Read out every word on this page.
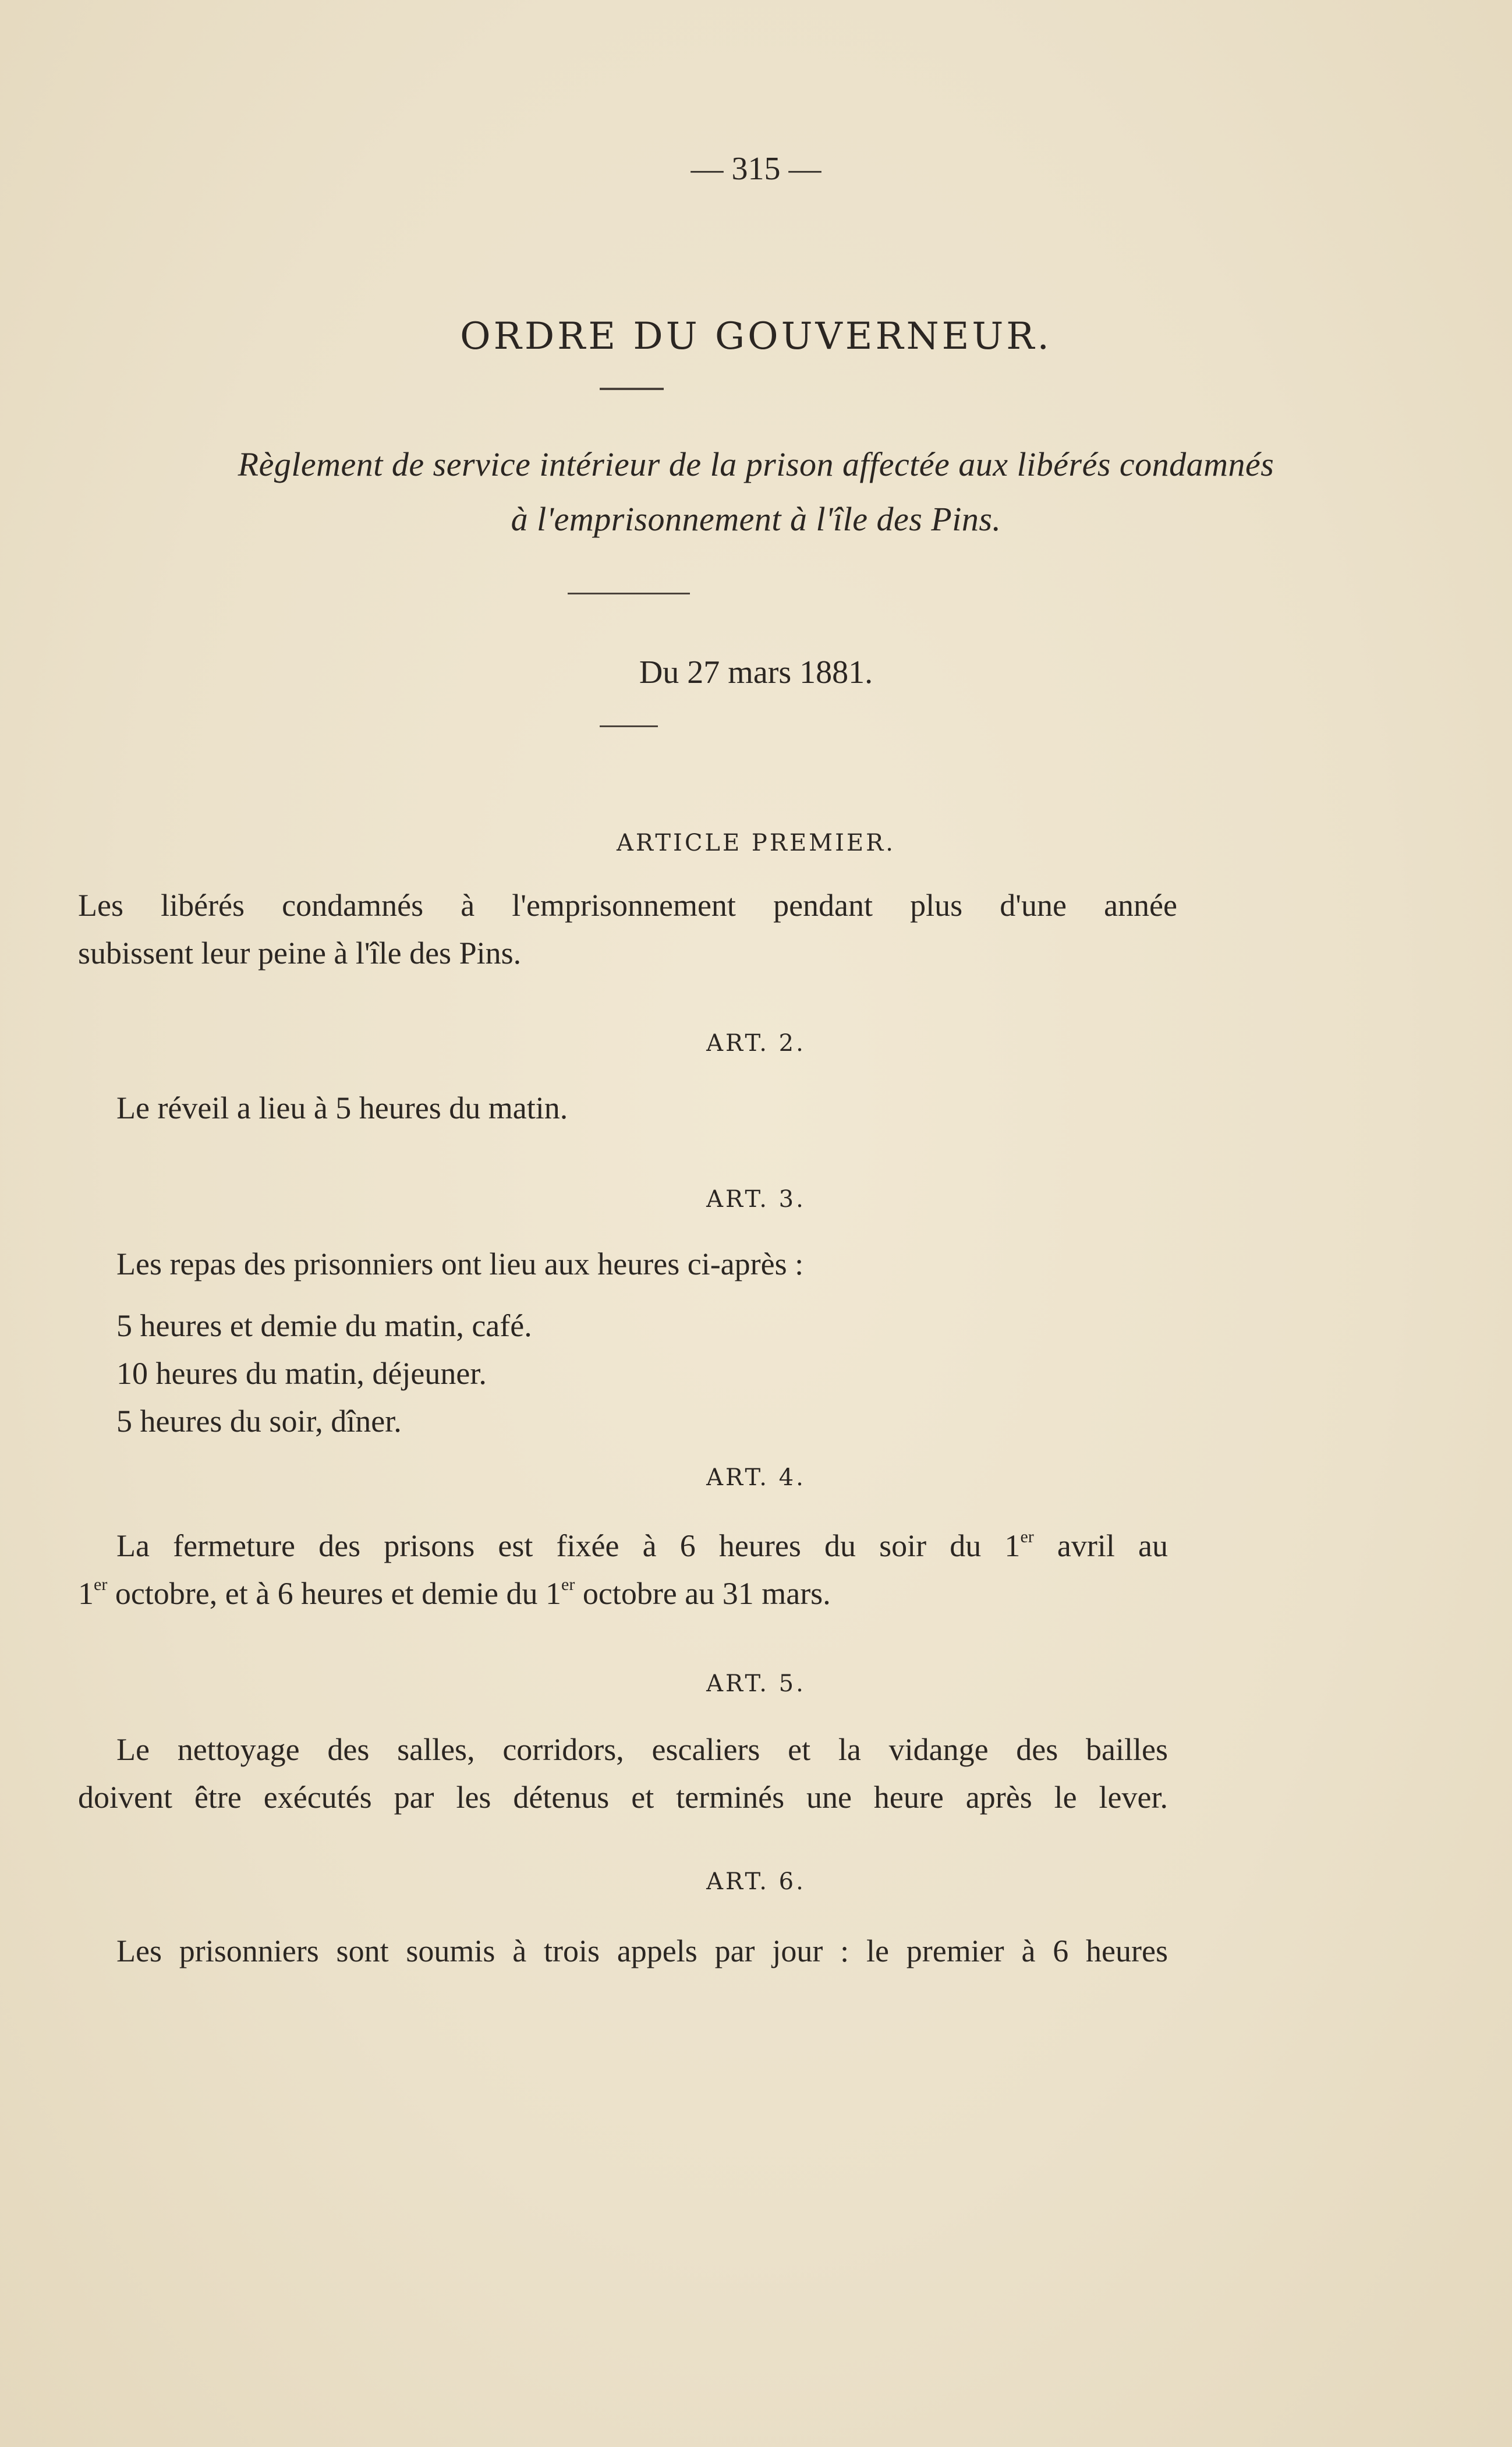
— 315 —
ORDRE DU GOUVERNEUR.
Règlement de service intérieur de la prison affectée aux libérés condamnés
à l'emprisonnement à l'île des Pins.
Du 27 mars 1881.
ARTICLE PREMIER.
Les libérés condamnés à l'emprisonnement pendant plus d'une année
subissent leur peine à l'île des Pins.
ART. 2.
Le réveil a lieu à 5 heures du matin.
ART. 3.
Les repas des prisonniers ont lieu aux heures ci-après :
5 heures et demie du matin, café.
10 heures du matin, déjeuner.
5 heures du soir, dîner.
ART. 4.
La fermeture des prisons est fixée à 6 heures du soir du 1er avril au
1er octobre, et à 6 heures et demie du 1er octobre au 31 mars.
ART. 5.
Le nettoyage des salles, corridors, escaliers et la vidange des bailles
doivent être exécutés par les détenus et terminés une heure après le lever.
ART. 6.
Les prisonniers sont soumis à trois appels par jour : le premier à 6 heures
